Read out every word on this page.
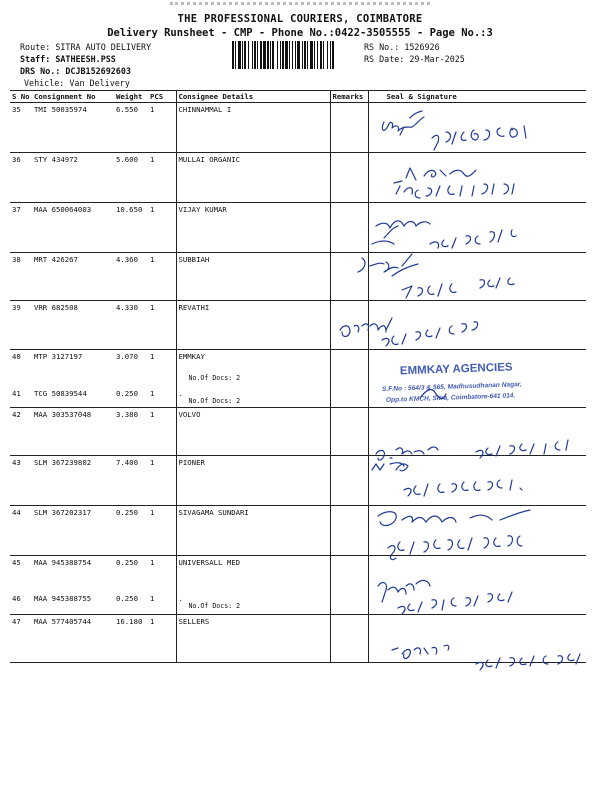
THE PROFESSIONAL COURIERS, COIMBATORE
Delivery Runsheet - CMP - Phone No.:0422-3505555 - Page No.:3
Route: SITRA AUTO DELIVERY
Staff: SATHEESH.PSS
DRS No.: DCJB152692603
Vehicle: Van Delivery
RS No.: 1526926
RS Date: 29-Mar-2025
S No	Consignment No	Weight	PCS	Consignee Details	Remarks	Seal & Signature
35	TMI 50035974	6.550	1	CHINNAMMAL I		
36	STY 434972	5.600	1	MULLAI ORGANIC		
37	MAA 650064003	10.650	1	VIJAY KUMAR		
38	MRT 426267	4.360	1	SUBBIAH		
39	VRR 682508	4.330	1	REVATHI		
40	MTP 3127197	3.070	1	EMMKAY
No.Of Docs: 2		

41	TCG 50839544	0.250	1	.
No.Of Docs: 2		

42	MAA 303537048	3.380	1	VOLVO		
43	SLM 367239802	7.400	1	PIONER		
44	SLM 367202317	0.250	1	SIVAGAMA SUNDARI		
45	MAA 945388754	0.250	1	UNIVERSALL MED		
46	MAA 945388755	0.250	1	.
No.Of Docs: 2		

47	MAA 577405744	16.180	1	SELLERS		
EMMKAY AGENCIES
S.F.No : 564/3 & 565, Madhusudhanan Nagar,
Opp.to KMCH, Sitra, Coimbatore-641 014.
